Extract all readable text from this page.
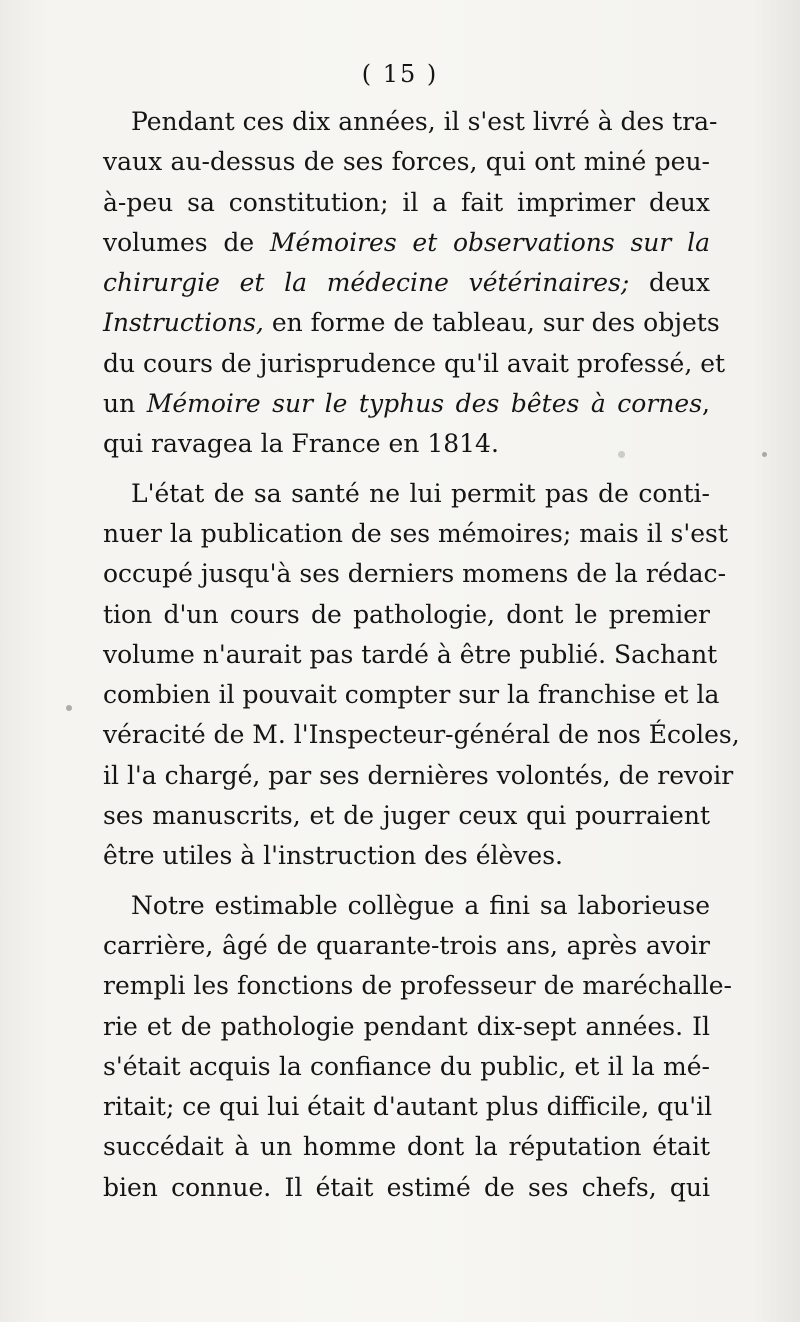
( 15 )
Pendant ces dix années, il s'est livré à des tra-
vaux au-dessus de ses forces, qui ont miné peu-
à-peu sa constitution; il a fait imprimer deux
volumes de Mémoires et observations sur la
chirurgie et la médecine vétérinaires; deux
Instructions, en forme de tableau, sur des objets
du cours de jurisprudence qu'il avait professé, et
un Mémoire sur le typhus des bêtes à cornes,
qui ravagea la France en 1814.
L'état de sa santé ne lui permit pas de conti-
nuer la publication de ses mémoires; mais il s'est
occupé jusqu'à ses derniers momens de la rédac-
tion d'un cours de pathologie, dont le premier
volume n'aurait pas tardé à être publié. Sachant
combien il pouvait compter sur la franchise et la
véracité de M. l'Inspecteur-général de nos Écoles,
il l'a chargé, par ses dernières volontés, de revoir
ses manuscrits, et de juger ceux qui pourraient
être utiles à l'instruction des élèves.
Notre estimable collègue a fini sa laborieuse
carrière, âgé de quarante-trois ans, après avoir
rempli les fonctions de professeur de maréchalle-
rie et de pathologie pendant dix-sept années. Il
s'était acquis la confiance du public, et il la mé-
ritait; ce qui lui était d'autant plus difficile, qu'il
succédait à un homme dont la réputation était
bien connue. Il était estimé de ses chefs, qui
